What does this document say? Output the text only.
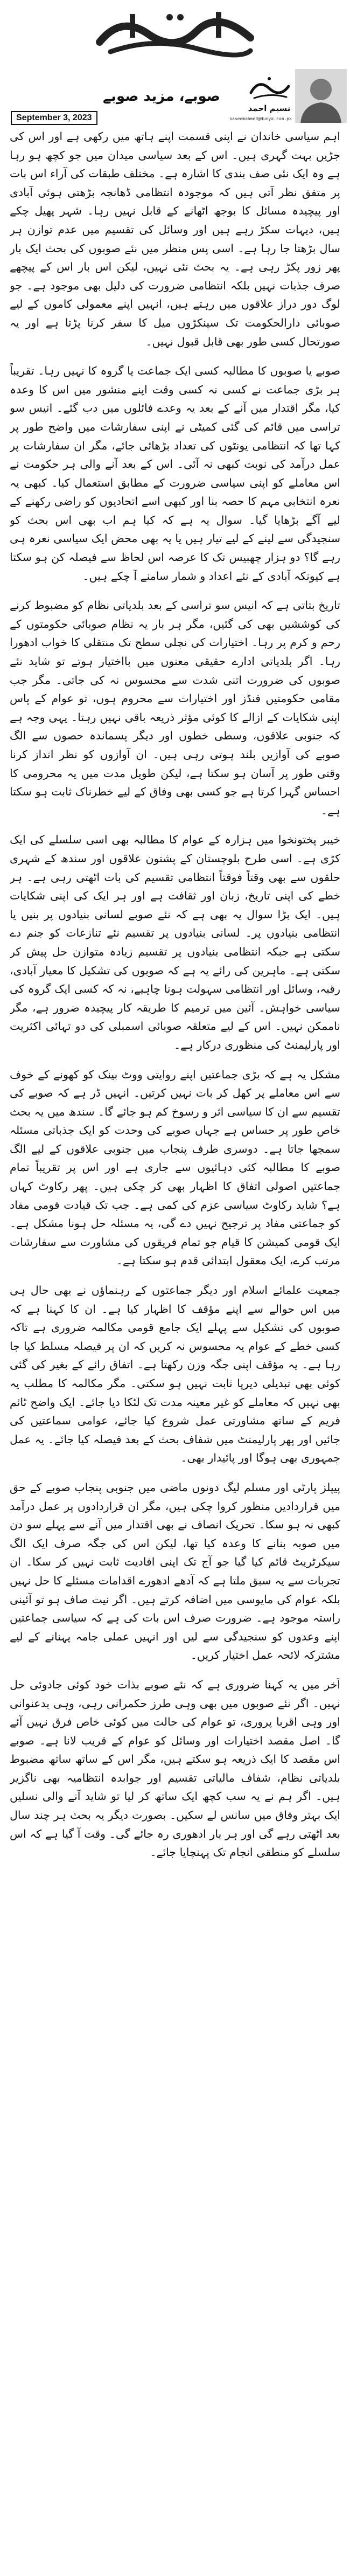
نسیم احمد
naseemahmed@dunya.com.pk
صوبے، مزید صوبے
September 3, 2023

اہم سیاسی خاندان نے اپنی قسمت اپنے ہاتھ میں رکھی ہے اور اس کی جڑیں بہت گہری ہیں۔ اس کے بعد سیاسی میدان میں جو کچھ ہو رہا ہے وہ ایک نئی صف بندی کا اشارہ ہے۔ مختلف طبقات کی آراء اس بات پر متفق نظر آتی ہیں کہ موجودہ انتظامی ڈھانچہ بڑھتی ہوئی آبادی اور پیچیدہ مسائل کا بوجھ اٹھانے کے قابل نہیں رہا۔ شہر پھیل چکے ہیں، دیہات سکڑ رہے ہیں اور وسائل کی تقسیم میں عدم توازن ہر سال بڑھتا جا رہا ہے۔ اسی پس منظر میں نئے صوبوں کی بحث ایک بار پھر زور پکڑ رہی ہے۔ یہ بحث نئی نہیں، لیکن اس بار اس کے پیچھے صرف جذبات نہیں بلکہ انتظامی ضرورت کی دلیل بھی موجود ہے۔ جو لوگ دور دراز علاقوں میں رہتے ہیں، انہیں اپنے معمولی کاموں کے لیے صوبائی دارالحکومت تک سینکڑوں میل کا سفر کرنا پڑتا ہے اور یہ صورتحال کسی طور بھی قابل قبول نہیں۔

صوبے یا صوبوں کا مطالبہ کسی ایک جماعت یا گروہ کا نہیں رہا۔ تقریباً ہر بڑی جماعت نے کسی نہ کسی وقت اپنے منشور میں اس کا وعدہ کیا، مگر اقتدار میں آنے کے بعد یہ وعدے فائلوں میں دب گئے۔ انیس سو تراسی میں قائم کی گئی کمیٹی نے اپنی سفارشات میں واضح طور پر کہا تھا کہ انتظامی یونٹوں کی تعداد بڑھائی جائے، مگر ان سفارشات پر عمل درآمد کی نوبت کبھی نہ آئی۔ اس کے بعد آنے والی ہر حکومت نے اس معاملے کو اپنی سیاسی ضرورت کے مطابق استعمال کیا۔ کبھی یہ نعرہ انتخابی مہم کا حصہ بنا اور کبھی اسے اتحادیوں کو راضی رکھنے کے لیے آگے بڑھایا گیا۔ سوال یہ ہے کہ کیا ہم اب بھی اس بحث کو سنجیدگی سے لینے کے لیے تیار ہیں یا یہ بھی محض ایک سیاسی نعرہ ہی رہے گا؟ دو ہزار چھبیس تک کا عرصہ اس لحاظ سے فیصلہ کن ہو سکتا ہے کیونکہ آبادی کے نئے اعداد و شمار سامنے آ چکے ہیں۔

تاریخ بتاتی ہے کہ انیس سو تراسی کے بعد بلدیاتی نظام کو مضبوط کرنے کی کوششیں بھی کی گئیں، مگر ہر بار یہ نظام صوبائی حکومتوں کے رحم و کرم پر رہا۔ اختیارات کی نچلی سطح تک منتقلی کا خواب ادھورا رہا۔ اگر بلدیاتی ادارے حقیقی معنوں میں بااختیار ہوتے تو شاید نئے صوبوں کی ضرورت اتنی شدت سے محسوس نہ کی جاتی۔ مگر جب مقامی حکومتیں فنڈز اور اختیارات سے محروم ہوں، تو عوام کے پاس اپنی شکایات کے ازالے کا کوئی مؤثر ذریعہ باقی نہیں رہتا۔ یہی وجہ ہے کہ جنوبی علاقوں، وسطی خطوں اور دیگر پسماندہ حصوں سے الگ صوبے کی آوازیں بلند ہوتی رہی ہیں۔ ان آوازوں کو نظر انداز کرنا وقتی طور پر آسان ہو سکتا ہے، لیکن طویل مدت میں یہ محرومی کا احساس گہرا کرتا ہے جو کسی بھی وفاق کے لیے خطرناک ثابت ہو سکتا ہے۔

خیبر پختونخوا میں ہزارہ کے عوام کا مطالبہ بھی اسی سلسلے کی ایک کڑی ہے۔ اسی طرح بلوچستان کے پشتون علاقوں اور سندھ کے شہری حلقوں سے بھی وقتاً فوقتاً انتظامی تقسیم کی بات اٹھتی رہی ہے۔ ہر خطے کی اپنی تاریخ، زبان اور ثقافت ہے اور ہر ایک کی اپنی شکایات ہیں۔ ایک بڑا سوال یہ بھی ہے کہ نئے صوبے لسانی بنیادوں پر بنیں یا انتظامی بنیادوں پر۔ لسانی بنیادوں پر تقسیم نئے تنازعات کو جنم دے سکتی ہے جبکہ انتظامی بنیادوں پر تقسیم زیادہ متوازن حل پیش کر سکتی ہے۔ ماہرین کی رائے یہ ہے کہ صوبوں کی تشکیل کا معیار آبادی، رقبہ، وسائل اور انتظامی سہولت ہونا چاہیے، نہ کہ کسی ایک گروہ کی سیاسی خواہش۔ آئین میں ترمیم کا طریقہ کار پیچیدہ ضرور ہے، مگر ناممکن نہیں۔ اس کے لیے متعلقہ صوبائی اسمبلی کی دو تہائی اکثریت اور پارلیمنٹ کی منظوری درکار ہے۔

مشکل یہ ہے کہ بڑی جماعتیں اپنے روایتی ووٹ بینک کو کھونے کے خوف سے اس معاملے پر کھل کر بات نہیں کرتیں۔ انہیں ڈر ہے کہ صوبے کی تقسیم سے ان کا سیاسی اثر و رسوخ کم ہو جائے گا۔ سندھ میں یہ بحث خاص طور پر حساس ہے جہاں صوبے کی وحدت کو ایک جذباتی مسئلہ سمجھا جاتا ہے۔ دوسری طرف پنجاب میں جنوبی علاقوں کے لیے الگ صوبے کا مطالبہ کئی دہائیوں سے جاری ہے اور اس پر تقریباً تمام جماعتیں اصولی اتفاق کا اظہار بھی کر چکی ہیں۔ پھر رکاوٹ کہاں ہے؟ شاید رکاوٹ سیاسی عزم کی کمی ہے۔ جب تک قیادت قومی مفاد کو جماعتی مفاد پر ترجیح نہیں دے گی، یہ مسئلہ حل ہونا مشکل ہے۔ ایک قومی کمیشن کا قیام جو تمام فریقوں کی مشاورت سے سفارشات مرتب کرے، ایک معقول ابتدائی قدم ہو سکتا ہے۔

جمعیت علمائے اسلام اور دیگر جماعتوں کے رہنماؤں نے بھی حال ہی میں اس حوالے سے اپنے مؤقف کا اظہار کیا ہے۔ ان کا کہنا ہے کہ صوبوں کی تشکیل سے پہلے ایک جامع قومی مکالمہ ضروری ہے تاکہ کسی خطے کے عوام یہ محسوس نہ کریں کہ ان پر فیصلہ مسلط کیا جا رہا ہے۔ یہ مؤقف اپنی جگہ وزن رکھتا ہے۔ اتفاق رائے کے بغیر کی گئی کوئی بھی تبدیلی دیرپا ثابت نہیں ہو سکتی۔ مگر مکالمہ کا مطلب یہ بھی نہیں کہ معاملے کو غیر معینہ مدت تک لٹکا دیا جائے۔ ایک واضح ٹائم فریم کے ساتھ مشاورتی عمل شروع کیا جائے، عوامی سماعتیں کی جائیں اور پھر پارلیمنٹ میں شفاف بحث کے بعد فیصلہ کیا جائے۔ یہ عمل جمہوری بھی ہوگا اور پائیدار بھی۔

پیپلز پارٹی اور مسلم لیگ دونوں ماضی میں جنوبی پنجاب صوبے کے حق میں قراردادیں منظور کروا چکی ہیں، مگر ان قراردادوں پر عمل درآمد کبھی نہ ہو سکا۔ تحریک انصاف نے بھی اقتدار میں آنے سے پہلے سو دن میں صوبہ بنانے کا وعدہ کیا تھا، لیکن اس کی جگہ صرف ایک الگ سیکرٹریٹ قائم کیا گیا جو آج تک اپنی افادیت ثابت نہیں کر سکا۔ ان تجربات سے یہ سبق ملتا ہے کہ آدھے ادھورے اقدامات مسئلے کا حل نہیں بلکہ عوام کی مایوسی میں اضافہ کرتے ہیں۔ اگر نیت صاف ہو تو آئینی راستہ موجود ہے۔ ضرورت صرف اس بات کی ہے کہ سیاسی جماعتیں اپنے وعدوں کو سنجیدگی سے لیں اور انہیں عملی جامہ پہنانے کے لیے مشترکہ لائحہ عمل اختیار کریں۔

آخر میں یہ کہنا ضروری ہے کہ نئے صوبے بذات خود کوئی جادوئی حل نہیں۔ اگر نئے صوبوں میں بھی وہی طرز حکمرانی رہی، وہی بدعنوانی اور وہی اقربا پروری، تو عوام کی حالت میں کوئی خاص فرق نہیں آئے گا۔ اصل مقصد اختیارات اور وسائل کو عوام کے قریب لانا ہے۔ صوبے اس مقصد کا ایک ذریعہ ہو سکتے ہیں، مگر اس کے ساتھ ساتھ مضبوط بلدیاتی نظام، شفاف مالیاتی تقسیم اور جوابدہ انتظامیہ بھی ناگزیر ہیں۔ اگر ہم نے یہ سب کچھ ایک ساتھ کر لیا تو شاید آنے والی نسلیں ایک بہتر وفاق میں سانس لے سکیں۔ بصورت دیگر یہ بحث ہر چند سال بعد اٹھتی رہے گی اور ہر بار ادھوری رہ جائے گی۔ وقت آ گیا ہے کہ اس سلسلے کو منطقی انجام تک پہنچایا جائے۔
